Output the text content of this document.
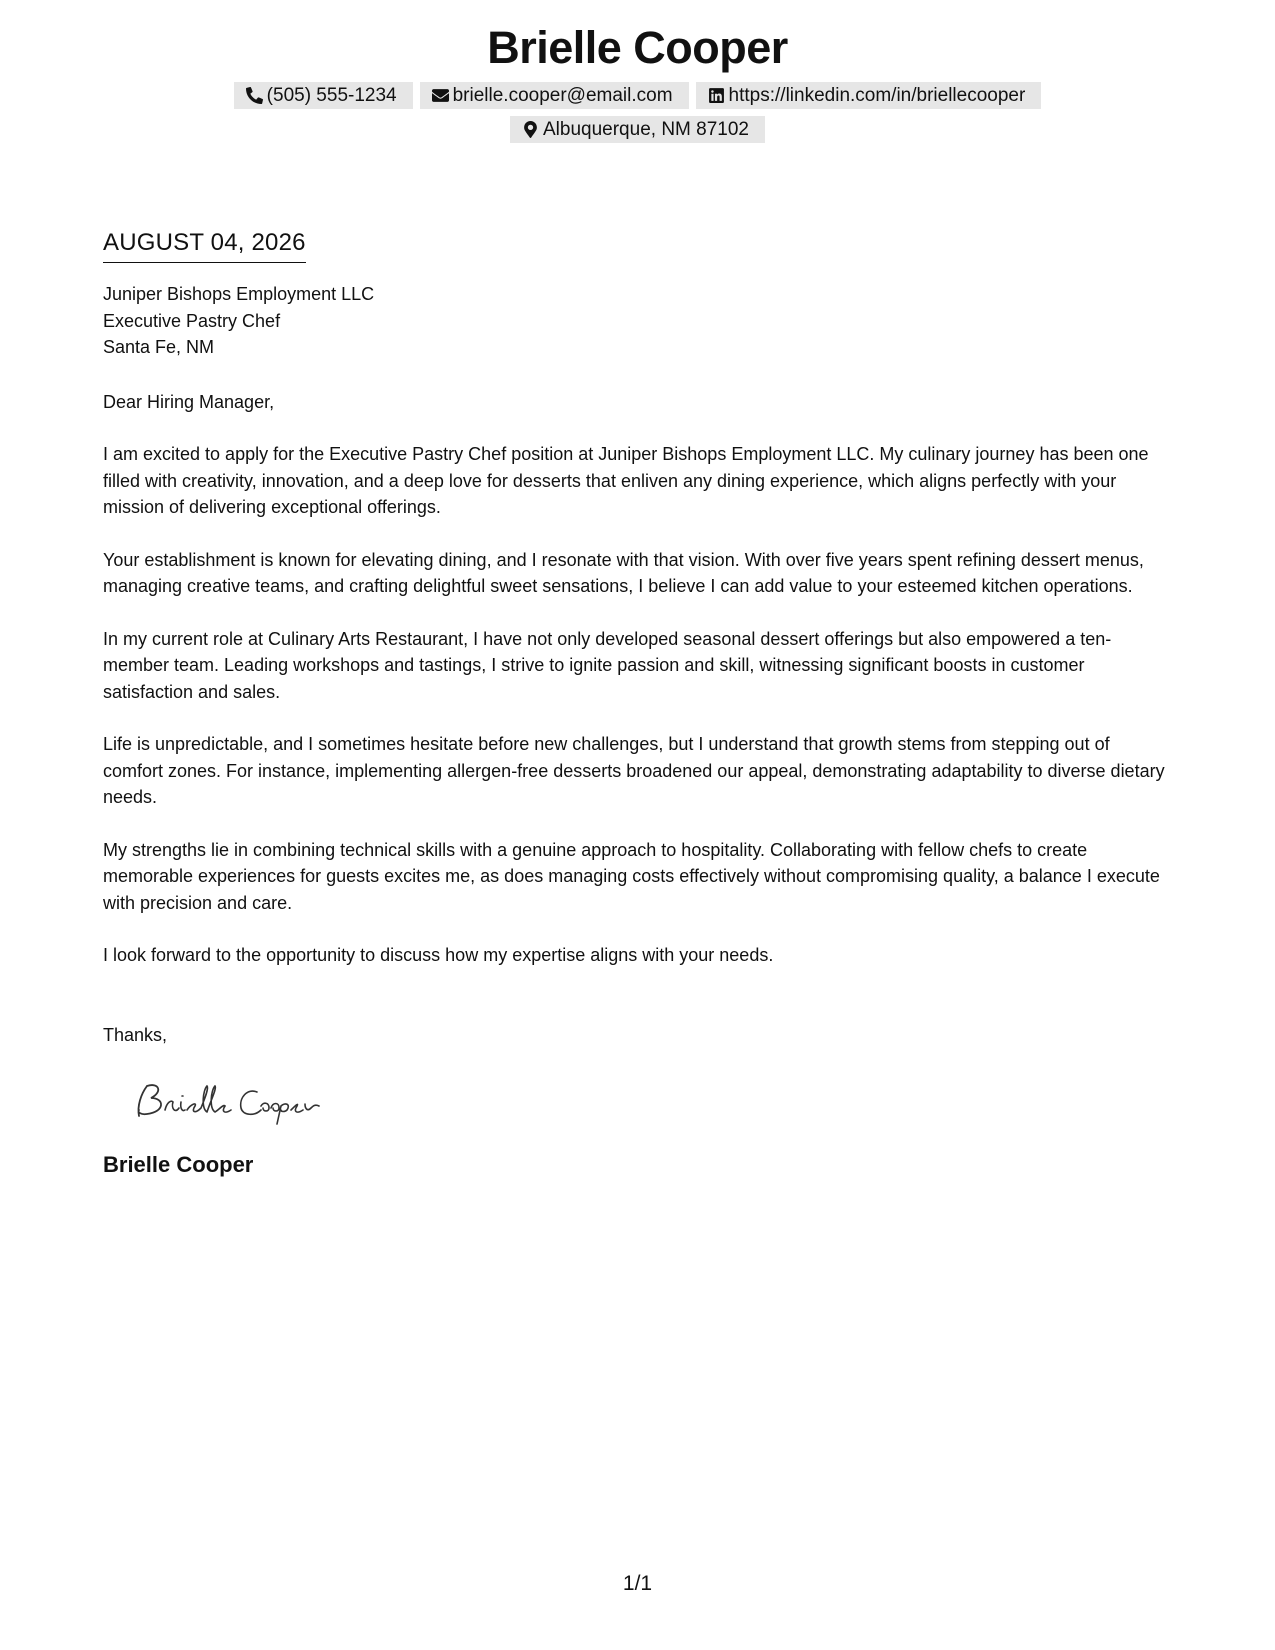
Brielle Cooper
(505) 555-1234	brielle.cooper@email.com	https://linkedin.com/in/briellecooper
Albuquerque, NM 87102
AUGUST 04, 2026
Juniper Bishops Employment LLC
Executive Pastry Chef
Santa Fe, NM
Dear Hiring Manager,

I am excited to apply for the Executive Pastry Chef position at Juniper Bishops Employment LLC. My culinary journey has been one filled with creativity, innovation, and a deep love for desserts that enliven any dining experience, which aligns perfectly with your mission of delivering exceptional offerings.

Your establishment is known for elevating dining, and I resonate with that vision. With over five years spent refining dessert menus, managing creative teams, and crafting delightful sweet sensations, I believe I can add value to your esteemed kitchen operations.

In my current role at Culinary Arts Restaurant, I have not only developed seasonal dessert offerings but also empowered a ten-member team. Leading workshops and tastings, I strive to ignite passion and skill, witnessing significant boosts in customer satisfaction and sales.

Life is unpredictable, and I sometimes hesitate before new challenges, but I understand that growth stems from stepping out of comfort zones. For instance, implementing allergen-free desserts broadened our appeal, demonstrating adaptability to diverse dietary needs.

My strengths lie in combining technical skills with a genuine approach to hospitality. Collaborating with fellow chefs to create memorable experiences for guests excites me, as does managing costs effectively without compromising quality, a balance I execute with precision and care.

I look forward to the opportunity to discuss how my expertise aligns with your needs.

Thanks,
Brielle Cooper
1/1
